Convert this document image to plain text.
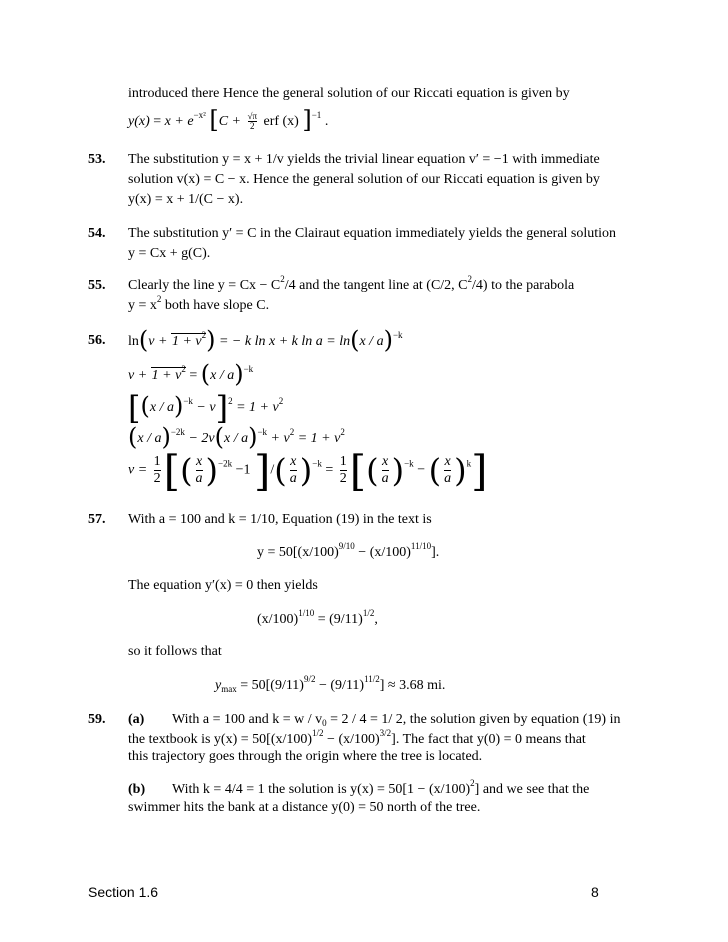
introduced there Hence the general solution of our Riccati equation is given by
$y(x) = x + e^{-x^2}$ [$C + \frac{√\pi}{2}$ erf (x) ]$^{-1}$ .
53. The substitution y = x + 1/v yields the trivial linear equation v′ = −1 with immediate
solution v(x) = C − x. Hence the general solution of our Riccati equation is given by
y(x) = x + 1/(C − x).
54. The substitution y′ = C in the Clairaut equation immediately yields the general solution
y = Cx + g(C).
55. Clearly the line $y = Cx - C^2/4$ and the tangent line at (C/2, $C^2/4$) to the parabola
$y = x^2$ both have slope C.
56. $\ln(v + 1 + v^2)$ = − k ln x + k ln a = ln(x / a)$^{-k}$
$v + 1 + v^2 = (x / a)^{-k}$
$[(x / a)^{-k} - v]^2 = 1 + v^2$
$(x / a)^{-2k} - 2v(x / a)^{-k} + v^2 = 1 + v^2$
$v = \frac{1}{2}$ [( $\frac{x}{a} )^{-2k} -1$ ]/( $\frac{x}{a} )^{-k} = \frac{1}{2}$ [( $\frac{x}{a} )^{-k}$ − ( $\frac{x}{a} )^k$]
57. With a = 100 and k = 1/10, Equation (19) in the text is
$y = 50[(x/100)^{9/10} - (x/100)^{11/10}]$.
The equation y′(x) = 0 then yields
$(x/100)^{1/10} = (9/11)^{1/2}$,
so it follows that
$y_{max} = 50[(9/11)^{9/2} - (9/11)^{11/2}] \approx 3.68$ mi.
59. (a) With a = 100 and $k = w / v_0 = 2 / 4 = 1/$ 2, the solution given by equation (19) in
the textbook is $y(x) = 50[(x/100)^{1/2} - (x/100)^{3/2}]$. The fact that y(0) = 0 means that
this trajectory goes through the origin where the tree is located.
(b) With k = 4/4 = 1 the solution is $y(x) = 50[1 - (x/100)^2]$ and we see that the
swimmer hits the bank at a distance y(0) = 50 north of the tree.
Section 1.6	8
